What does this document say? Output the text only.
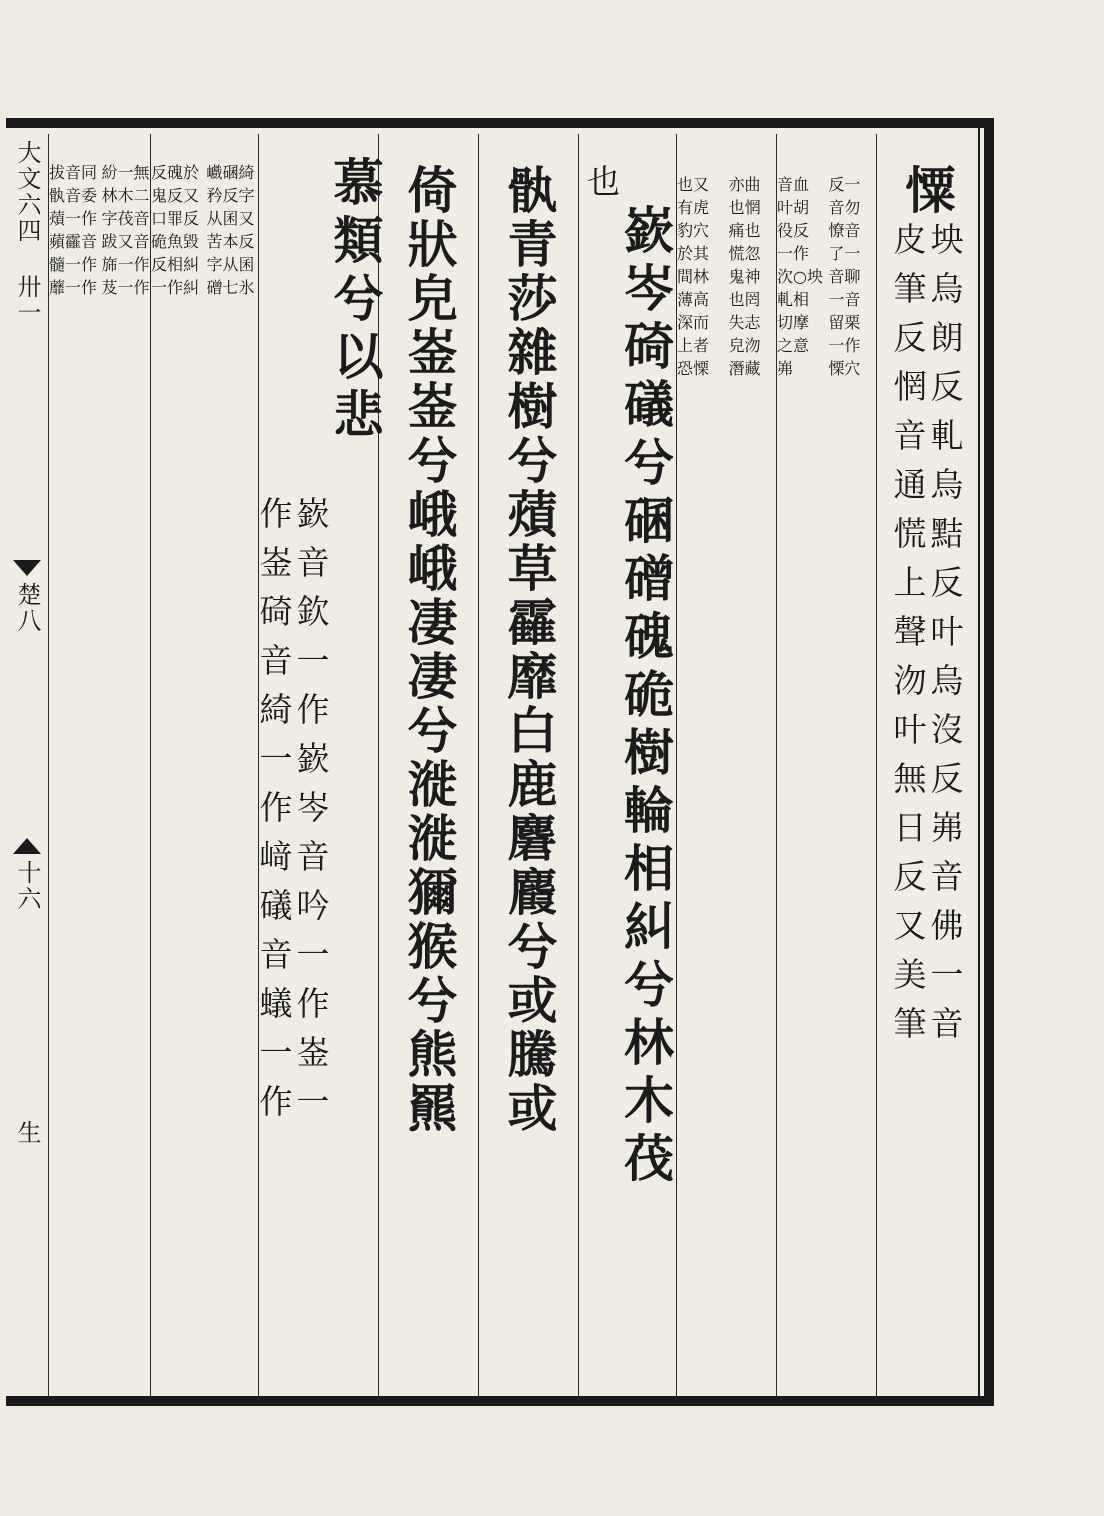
憟
坱烏朗反軋烏黠反叶烏沒反岪音佛一音
皮筆反惘音通慌上聲沕叶無日反又美筆
反一音勿憭音了一音聊一音留栗一作慄穴
音血叶胡役反一作㳄○坱軋相切摩之意岪
亦曲也惘痛也慌忽鬼神也罔失志皃沕潛藏
也又有虎豹穴於其間林薄高深而上者恐慄
嶔岑碕礒兮碅磳磈硊樹輪相糾兮林木茷
也
骫青莎雜樹兮薠草靃靡白鹿麏麚兮或騰或
倚狀皃崟崟兮峨峨凄凄兮漇漇獮猴兮熊羆
慕類兮以悲
嶔音欽一作嶔岑音吟一作崟一
作崟碕音綺一作﨑礒音蟻一作
巇碅綺矜反字从囷又苦本反字从囷磳七氷
反磈於鬼反又口罪反硊魚毀反相糾一作糾
紛一無林木二字茷音跋又音旆一作芨一作
拔音同骫音委薠一作蘋靃音髓一作蘼一作
大文六四 卅一
楚八
十六
生
